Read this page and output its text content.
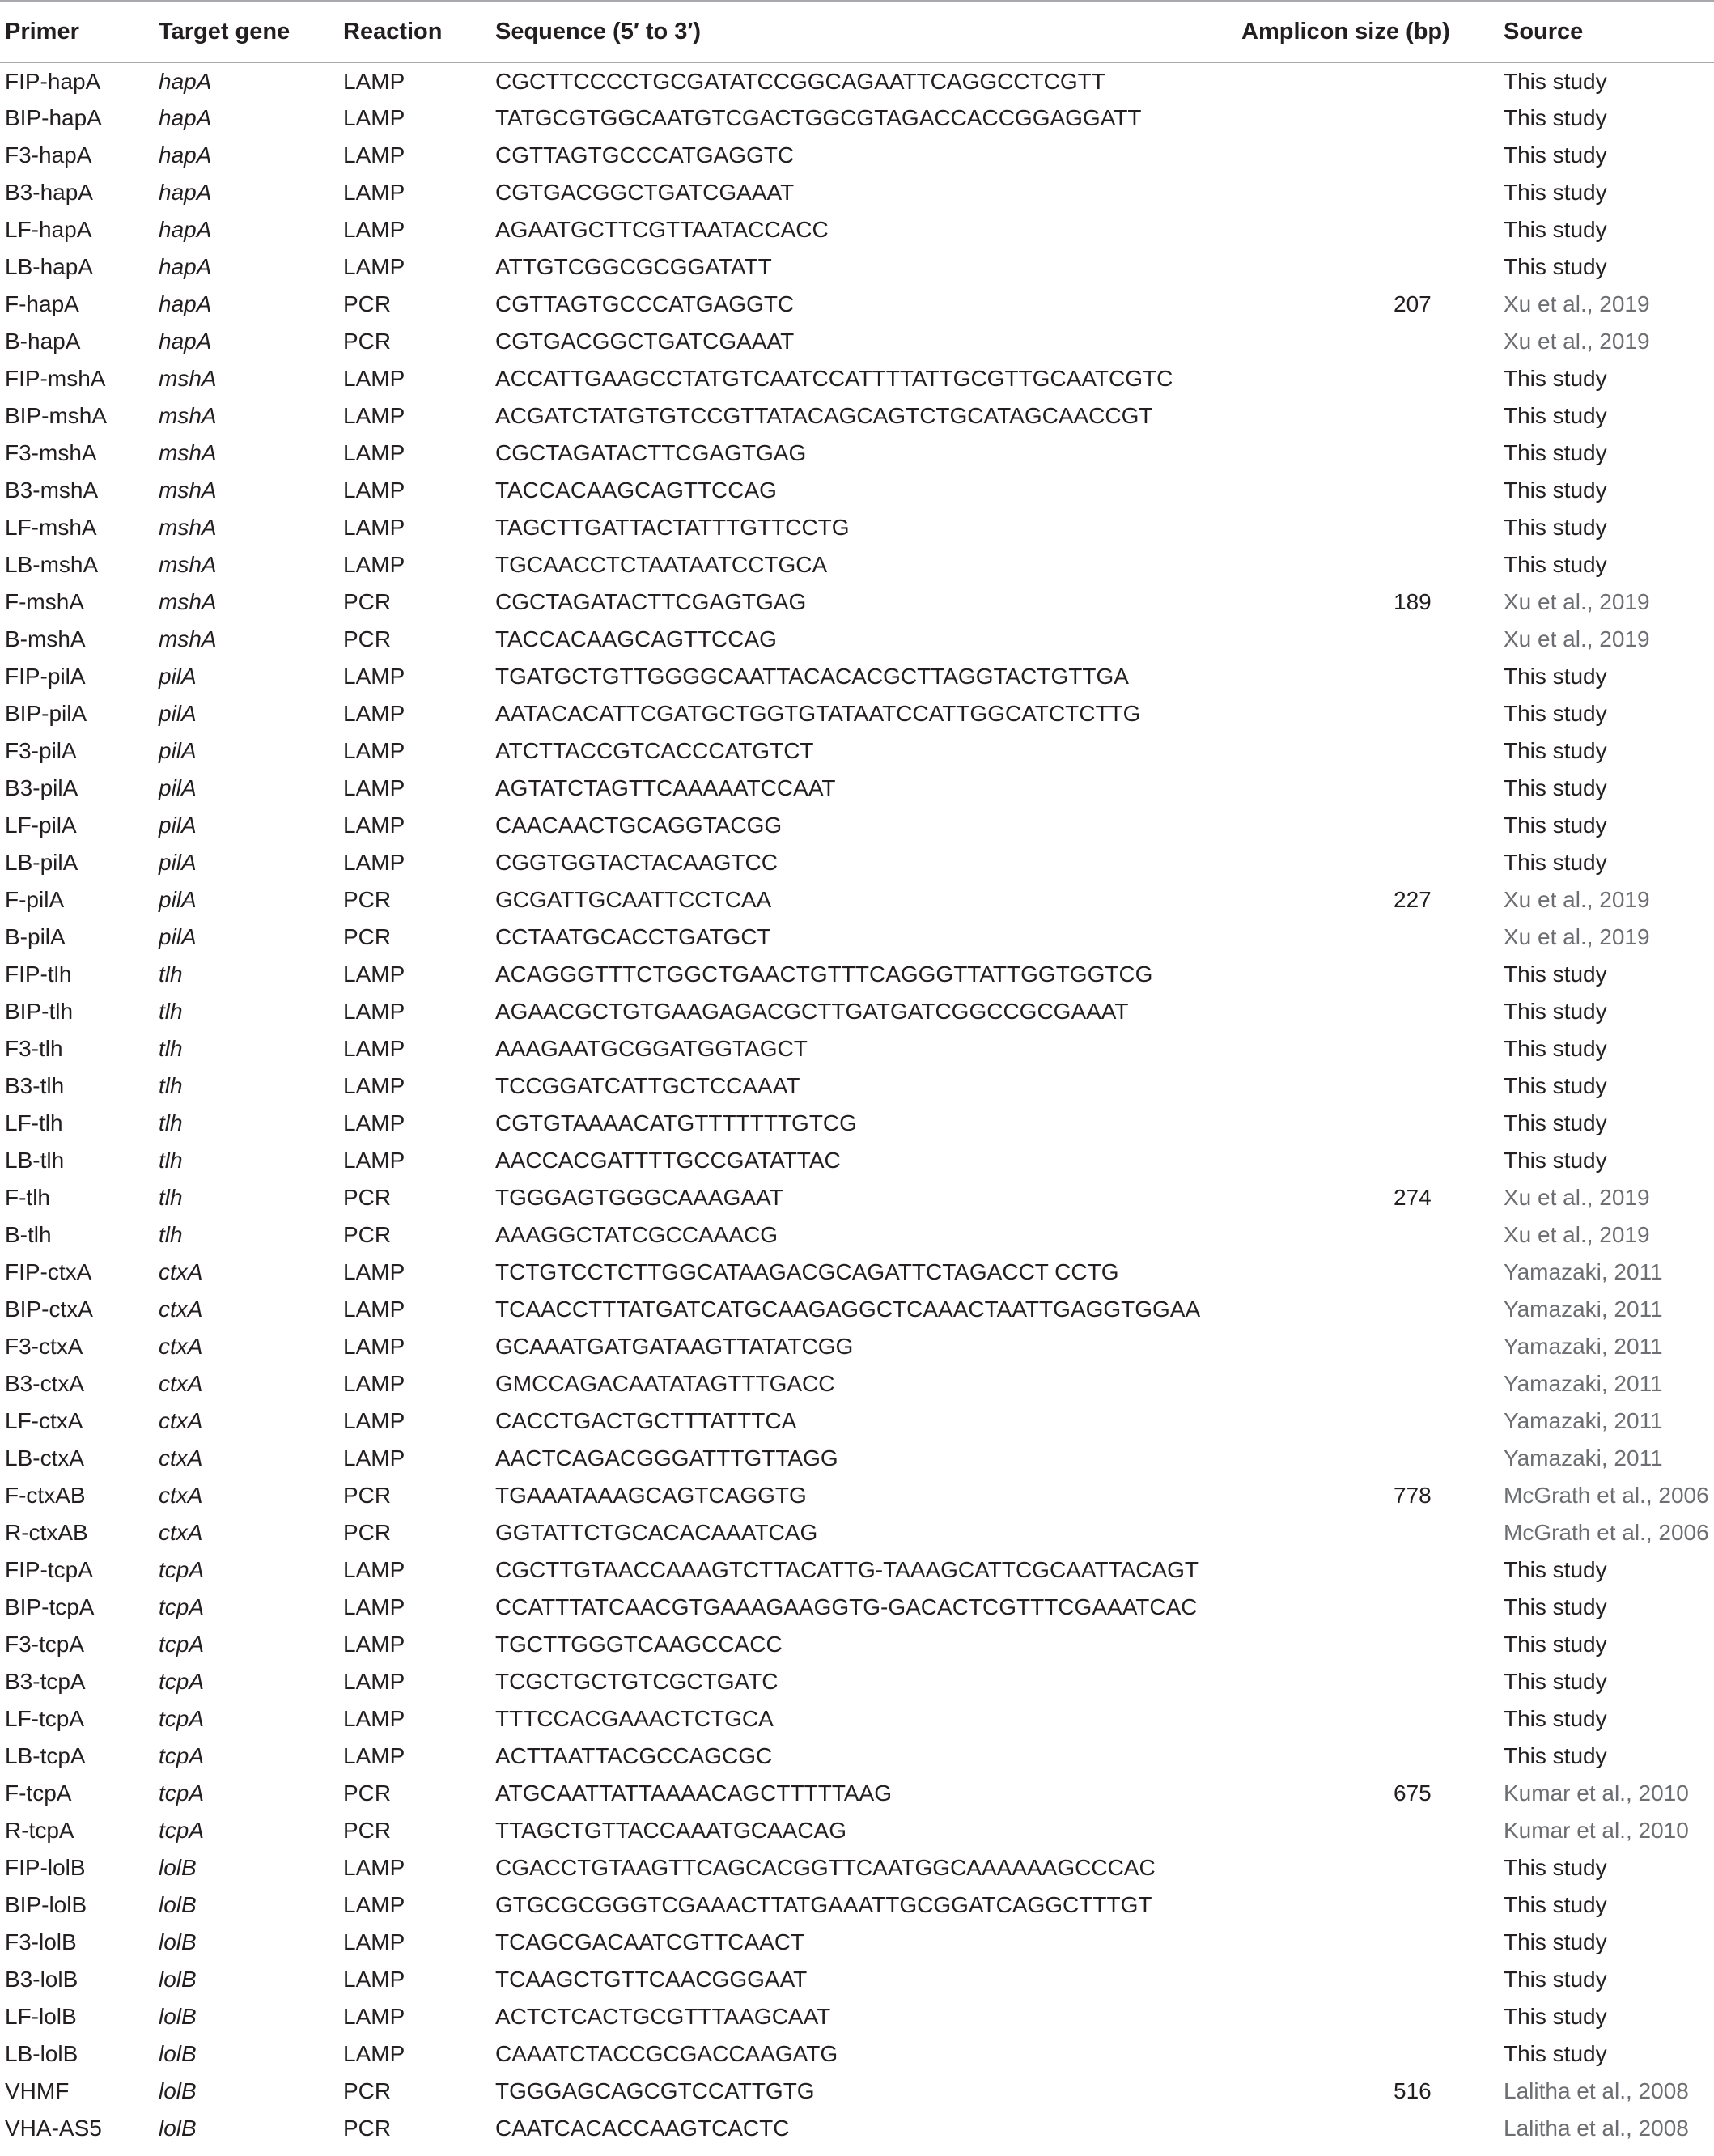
Primer	Target gene	Reaction	Sequence (5′ to 3′)	Amplicon size (bp)	Source
FIP-hapA	hapA	LAMP	CGCTTCCCCTGCGATATCCGGCAGAATTCAGGCCTCGTT		This study
BIP-hapA	hapA	LAMP	TATGCGTGGCAATGTCGACTGGCGTAGACCACCGGAGGATT		This study
F3-hapA	hapA	LAMP	CGTTAGTGCCCATGAGGTC		This study
B3-hapA	hapA	LAMP	CGTGACGGCTGATCGAAAT		This study
LF-hapA	hapA	LAMP	AGAATGCTTCGTTAATACCACC		This study
LB-hapA	hapA	LAMP	ATTGTCGGCGCGGATATT		This study
F-hapA	hapA	PCR	CGTTAGTGCCCATGAGGTC	207	Xu et al., 2019
B-hapA	hapA	PCR	CGTGACGGCTGATCGAAAT		Xu et al., 2019
FIP-mshA	mshA	LAMP	ACCATTGAAGCCTATGTCAATCCATTTTATTGCGTTGCAATCGTC		This study
BIP-mshA	mshA	LAMP	ACGATCTATGTGTCCGTTATACAGCAGTCTGCATAGCAACCGT		This study
F3-mshA	mshA	LAMP	CGCTAGATACTTCGAGTGAG		This study
B3-mshA	mshA	LAMP	TACCACAAGCAGTTCCAG		This study
LF-mshA	mshA	LAMP	TAGCTTGATTACTATTTGTTCCTG		This study
LB-mshA	mshA	LAMP	TGCAACCTCTAATAATCCTGCA		This study
F-mshA	mshA	PCR	CGCTAGATACTTCGAGTGAG	189	Xu et al., 2019
B-mshA	mshA	PCR	TACCACAAGCAGTTCCAG		Xu et al., 2019
FIP-pilA	pilA	LAMP	TGATGCTGTTGGGGCAATTACACACGCTTAGGTACTGTTGA		This study
BIP-pilA	pilA	LAMP	AATACACATTCGATGCTGGTGTATAATCCATTGGCATCTCTTG		This study
F3-pilA	pilA	LAMP	ATCTTACCGTCACCCATGTCT		This study
B3-pilA	pilA	LAMP	AGTATCTAGTTCAAAAATCCAAT		This study
LF-pilA	pilA	LAMP	CAACAACTGCAGGTACGG		This study
LB-pilA	pilA	LAMP	CGGTGGTACTACAAGTCC		This study
F-pilA	pilA	PCR	GCGATTGCAATTCCTCAA	227	Xu et al., 2019
B-pilA	pilA	PCR	CCTAATGCACCTGATGCT		Xu et al., 2019
FIP-tlh	tlh	LAMP	ACAGGGTTTCTGGCTGAACTGTTTCAGGGTTATTGGTGGTCG		This study
BIP-tlh	tlh	LAMP	AGAACGCTGTGAAGAGACGCTTGATGATCGGCCGCGAAAT		This study
F3-tlh	tlh	LAMP	AAAGAATGCGGATGGTAGCT		This study
B3-tlh	tlh	LAMP	TCCGGATCATTGCTCCAAAT		This study
LF-tlh	tlh	LAMP	CGTGTAAAACATGTTTTTTTGTCG		This study
LB-tlh	tlh	LAMP	AACCACGATTTTGCCGATATTAC		This study
F-tlh	tlh	PCR	TGGGAGTGGGCAAAGAAT	274	Xu et al., 2019
B-tlh	tlh	PCR	AAAGGCTATCGCCAAACG		Xu et al., 2019
FIP-ctxA	ctxA	LAMP	TCTGTCCTCTTGGCATAAGACGCAGATTCTAGACCT CCTG		Yamazaki, 2011
BIP-ctxA	ctxA	LAMP	TCAACCTTTATGATCATGCAAGAGGCTCAAACTAATTGAGGTGGAA		Yamazaki, 2011
F3-ctxA	ctxA	LAMP	GCAAATGATGATAAGTTATATCGG		Yamazaki, 2011
B3-ctxA	ctxA	LAMP	GMCCAGACAATATAGTTTGACC		Yamazaki, 2011
LF-ctxA	ctxA	LAMP	CACCTGACTGCTTTATTTCA		Yamazaki, 2011
LB-ctxA	ctxA	LAMP	AACTCAGACGGGATTTGTTAGG		Yamazaki, 2011
F-ctxAB	ctxA	PCR	TGAAATAAAGCAGTCAGGTG	778	McGrath et al., 2006
R-ctxAB	ctxA	PCR	GGTATTCTGCACACAAATCAG		McGrath et al., 2006
FIP-tcpA	tcpA	LAMP	CGCTTGTAACCAAAGTCTTACATTG-TAAAGCATTCGCAATTACAGT		This study
BIP-tcpA	tcpA	LAMP	CCATTTATCAACGTGAAAGAAGGTG-GACACTCGTTTCGAAATCAC		This study
F3-tcpA	tcpA	LAMP	TGCTTGGGTCAAGCCACC		This study
B3-tcpA	tcpA	LAMP	TCGCTGCTGTCGCTGATC		This study
LF-tcpA	tcpA	LAMP	TTTCCACGAAACTCTGCA		This study
LB-tcpA	tcpA	LAMP	ACTTAATTACGCCAGCGC		This study
F-tcpA	tcpA	PCR	ATGCAATTATTAAAACAGCTTTTTAAG	675	Kumar et al., 2010
R-tcpA	tcpA	PCR	TTAGCTGTTACCAAATGCAACAG		Kumar et al., 2010
FIP-lolB	lolB	LAMP	CGACCTGTAAGTTCAGCACGGTTCAATGGCAAAAAAGCCCAC		This study
BIP-lolB	lolB	LAMP	GTGCGCGGGTCGAAACTTATGAAATTGCGGATCAGGCTTTGT		This study
F3-lolB	lolB	LAMP	TCAGCGACAATCGTTCAACT		This study
B3-lolB	lolB	LAMP	TCAAGCTGTTCAACGGGAAT		This study
LF-lolB	lolB	LAMP	ACTCTCACTGCGTTTAAGCAAT		This study
LB-lolB	lolB	LAMP	CAAATCTACCGCGACCAAGATG		This study
VHMF	lolB	PCR	TGGGAGCAGCGTCCATTGTG	516	Lalitha et al., 2008
VHA-AS5	lolB	PCR	CAATCACACCAAGTCACTC		Lalitha et al., 2008
